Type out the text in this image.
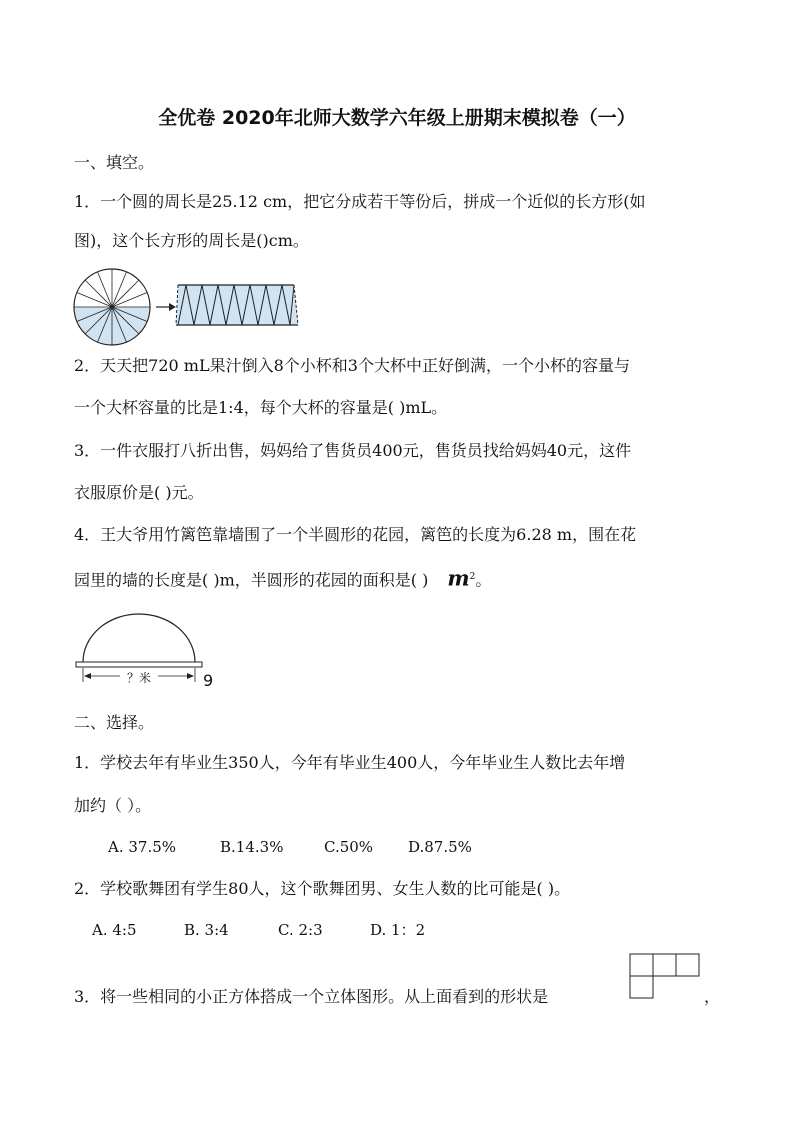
全优卷 2020年北师大数学六年级上册期末模拟卷（一）
一、填空。
1．一个圆的周长是25.12 cm，把它分成若干等份后，拼成一个近似的长方形(如
图)，这个长方形的周长是()cm。
2．天天把720 mL果汁倒入8个小杯和3个大杯中正好倒满，一个小杯的容量与
一个大杯容量的比是1:4，每个大杯的容量是( )mL。
3．一件衣服打八折出售，妈妈给了售货员400元，售货员找给妈妈40元，这件
衣服原价是( )元。
4．王大爷用竹篱笆靠墙围了一个半圆形的花园，篱笆的长度为6.28 m，围在花
园里的墙的长度是( )m，半圆形的花园的面积是( ) $m^2$。
？米	9
二、选择。
1．学校去年有毕业生350人，今年有毕业生400人，今年毕业生人数比去年增
加约（ ）。
A. 37.5%	B.14.3%	C.50% D.87.5%
2．学校歌舞团有学生80人，这个歌舞团男、女生人数的比可能是( )。
A. 4:5	B. 3:4	C. 2:3	D. 1：2
3．将一些相同的小正方体搭成一个立体图形。从上面看到的形状是	，
